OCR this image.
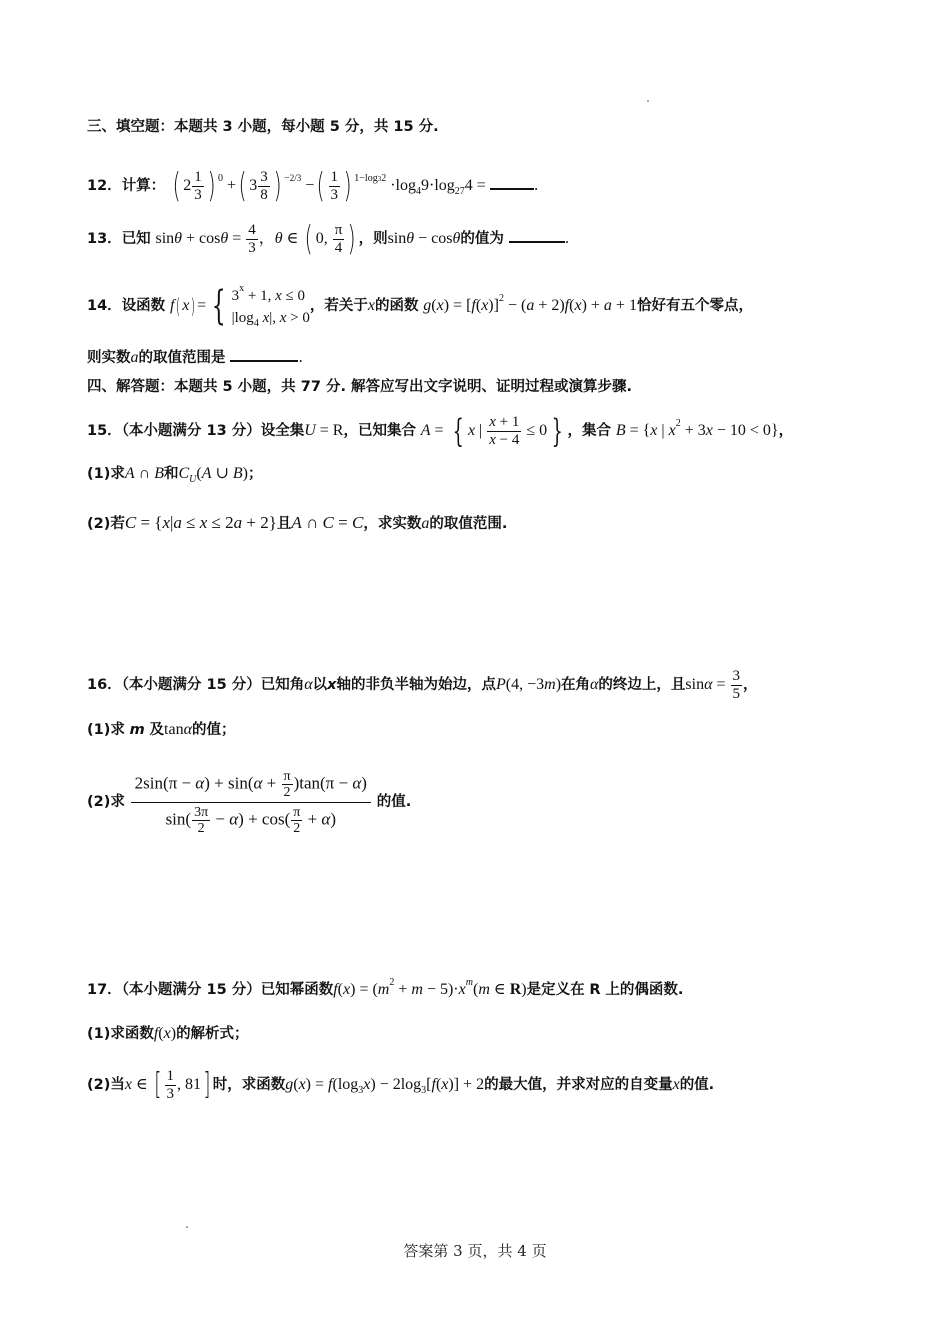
三、填空题：本题共 3 小题，每小题 5 分，共 15 分.
12．计算： ( $2 \frac{1}{3}$ ) $^0$ +( $3 \frac{3}{8}$ ) $^{-2/3}$ −( $\frac{1}{3}$ ) $^{1-log32} \cdot\log_49\cdot\log_{27}4$ =	.
13．已知 $\sin\theta + \cos\theta = \frac{4}{3}$ ，θ ∈ ( 0, $\frac{\pi}{4}$ ) ，则sinθ − cosθ的值为	.
14．设函数 f(x)= { $3^x + 1$, x ≤ 0
$|\log_4$ x|, x > 0，若关于x的函数 $g(x) = [f(x)]^2 - (a + 2)f(x) + a + 1$恰好有五个零点，
则实数a的取值范围是	.
四、解答题：本题共 5 小题，共 77 分. 解答应写出文字说明、证明过程或演算步骤.
15．（本小题满分 13 分）设全集U = R，已知集合 A = { x | $\frac{x + 1}{x - 4} \le 0$ } ，集合 B = {x | $x^2 + 3x - 10 < 0$}，
(1)求A ∩ B和$C_U(A$ ∪ B)；
(2)若C = {x|a ≤ x ≤ 2a + 2}且A ∩ C = C，求实数a的取值范围.
16．（本小题满分 15 分）已知角α以x轴的非负半轴为始边，点P(4, −3m)在角α的终边上，且$\sin\alpha = \frac{3}{5}$ ，
(1)求 m 及tanα的值；
(2)求 $\frac{2\sin(\pi - \alpha) + \sin(\alpha + \frac{\pi}{2} )\tan(\pi - \alpha)}{\sin( \frac{3\pi}{2} - \alpha) + \cos( \frac{\pi}{2} + \alpha)}$ 的值.
17．（本小题满分 15 分）已知幂函数$f(x) = (m^2 + m - 5)\cdot x^m(m$ ∈ R)是定义在 R 上的偶函数.
(1)求函数f(x)的解析式；
(2)当x ∈ [ $\frac{1}{3}$ , 81] 时，求函数$g(x) = f(\log_3x) - 2\log_3[f(x)] + 2$的最大值，并求对应的自变量x的值.
答案第 3 页，共 4 页
